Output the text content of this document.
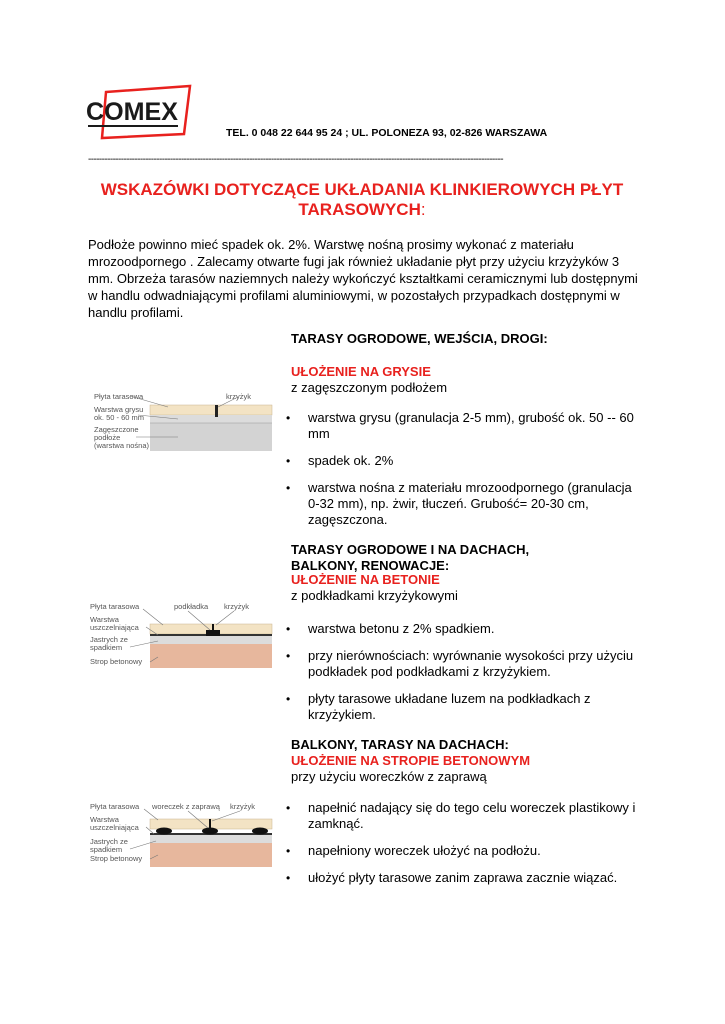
COMEX
TEL. 0 048 22 644 95 24 ; UL. POLONEZA 93, 02-826 WARSZAWA
--------------------------------------------------------------------------------------------------------------------------------------------------------
WSKAZÓWKI DOTYCZĄCE UKŁADANIA KLINKIEROWYCH PŁYT
TARASOWYCH:
Podłoże powinno mieć spadek ok. 2%. Warstwę nośną prosimy wykonać z materiału mrozoodpornego . Zalecamy otwarte fugi jak również układanie płyt przy użyciu krzyżyków 3 mm. Obrzeża tarasów naziemnych należy wykończyć kształtkami ceramicznymi lub dostępnymi w handlu odwadniającymi profilami aluminiowymi, w pozostałych przypadkach dostępnymi w handlu profilami.
TARASY OGRODOWE, WEJŚCIA, DROGI:
UŁOŻENIE NA GRYSIE
z zagęszczonym podłożem
• warstwa grysu (granulacja 2-5 mm), grubość ok. 50 -- 60 mm
• spadek ok. 2%
• warstwa nośna z materiału mrozoodpornego (granulacja 0-32 mm), np. żwir, tłuczeń. Grubość= 20-30 cm, zagęszczona.
Płyta tarasowa	krzyżyk
Warstwa grysu
ok. 50 - 60 mm
Zagęszczone
podłoże
(warstwa nośna)
TARASY OGRODOWE I NA DACHACH,
BALKONY, RENOWACJE:
UŁOŻENIE NA BETONIE
z podkładkami krzyżykowymi
• warstwa betonu z 2% spadkiem.
• przy nierównościach: wyrównanie wysokości przy użyciu podkładek pod podkładkami z krzyżykiem.
• płyty tarasowe układane luzem na podkładkach z krzyżykiem.
Płyta tarasowa	podkładka krzyżyk
Warstwa
uszczelniająca
Jastrych ze
spadkiem
Strop betonowy
BALKONY, TARASY NA DACHACH:
UŁOŻENIE NA STROPIE BETONOWYM
przy użyciu woreczków z zaprawą
• napełnić nadający się do tego celu woreczek plastikowy i zamknąć.
• napełniony woreczek ułożyć na podłożu.
• ułożyć płyty tarasowe zanim zaprawa zacznie wiązać.
Płyta tarasowa woreczek z zaprawą krzyżyk
Warstwa
uszczelniająca
Jastrych ze
spadkiem
Strop betonowy
